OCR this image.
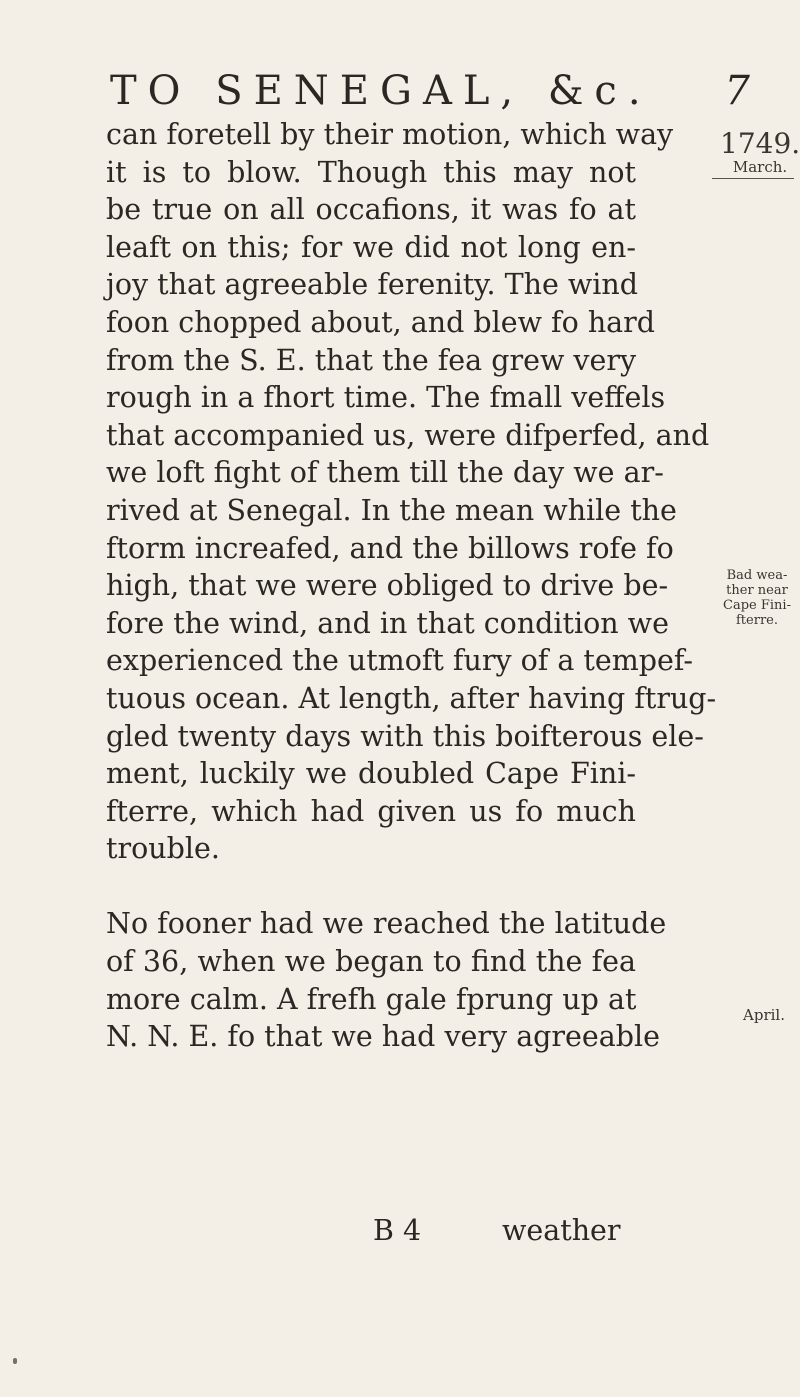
TO SENEGAL, &c. 7
1749.
March.
Bad wea-
ther near
Cape Fini-
fterre.
April.
can foretell by their motion, which way
it is to blow. Though this may not
be true on all occafions, it was fo at
leaft on this; for we did not long en-
joy that agreeable ferenity. The wind
foon chopped about, and blew fo hard
from the S. E. that the fea grew very
rough in a fhort time. The fmall veffels
that accompanied us, were difperfed, and
we loft fight of them till the day we ar-
rived at Senegal. In the mean while the
ftorm increafed, and the billows rofe fo
high, that we were obliged to drive be-
fore the wind, and in that condition we
experienced the utmoft fury of a tempef-
tuous ocean. At length, after having ftrug-
gled twenty days with this boifterous ele-
ment, luckily we doubled Cape Fini-
fterre, which had given us fo much
trouble.
No fooner had we reached the latitude
of 36, when we began to find the fea
more calm. A frefh gale fprung up at
N. N. E. fo that we had very agreeable
B 4	weather
